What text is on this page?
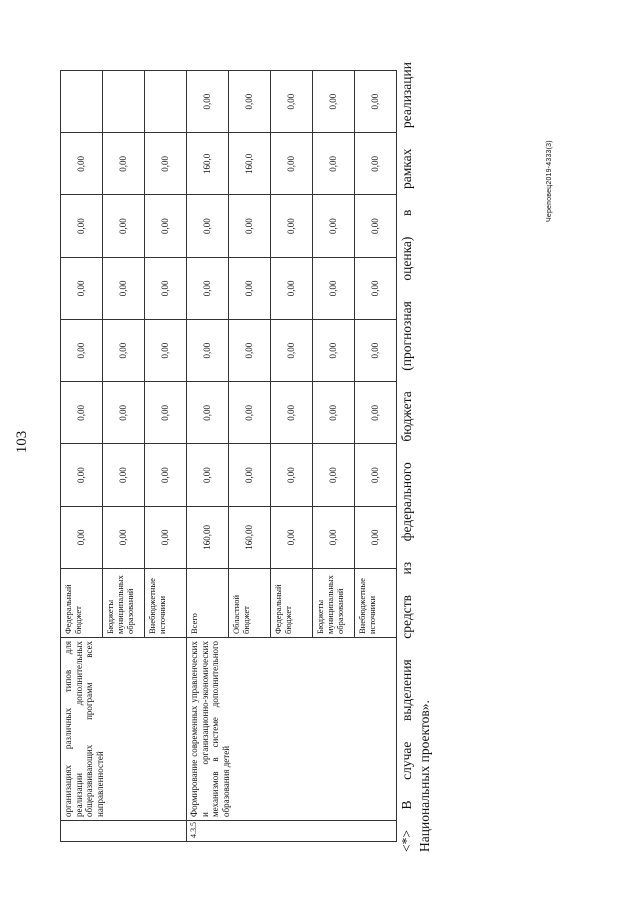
103

	организациях различных типов для реализации дополнительных общеразвивающих программ всех направленностей	Федеральный бюджет	0,00	0,00	0,00	0,00	0,00	0,00	0,00	
		Бюджеты муниципальных образований	0,00	0,00	0,00	0,00	0,00	0,00	0,00	
		Внебюджетные источники	0,00	0,00	0,00	0,00	0,00	0,00	0,00	
4.3.5	Формирование современных управленческих и организационно-экономических механизмов в системе дополнительного образования детей	Всего	160,00	0,00	0,00	0,00	0,00	0,00	160,0	0,00
		Областной бюджет	160,00	0,00	0,00	0,00	0,00	0,00	160,0	0,00
		Федеральный бюджет	0,00	0,00	0,00	0,00	0,00	0,00	0,00	0,00
		Бюджеты муниципальных образований	0,00	0,00	0,00	0,00	0,00	0,00	0,00	0,00
		Внебюджетные источники	0,00	0,00	0,00	0,00	0,00	0,00	0,00	0,00
<*>
В
случае
выделения
средств
из
федерального
бюджета
(прогнозная
оценка)
в
рамках
реализации
Национальных проектов».
Череповец2019-4333(3)
